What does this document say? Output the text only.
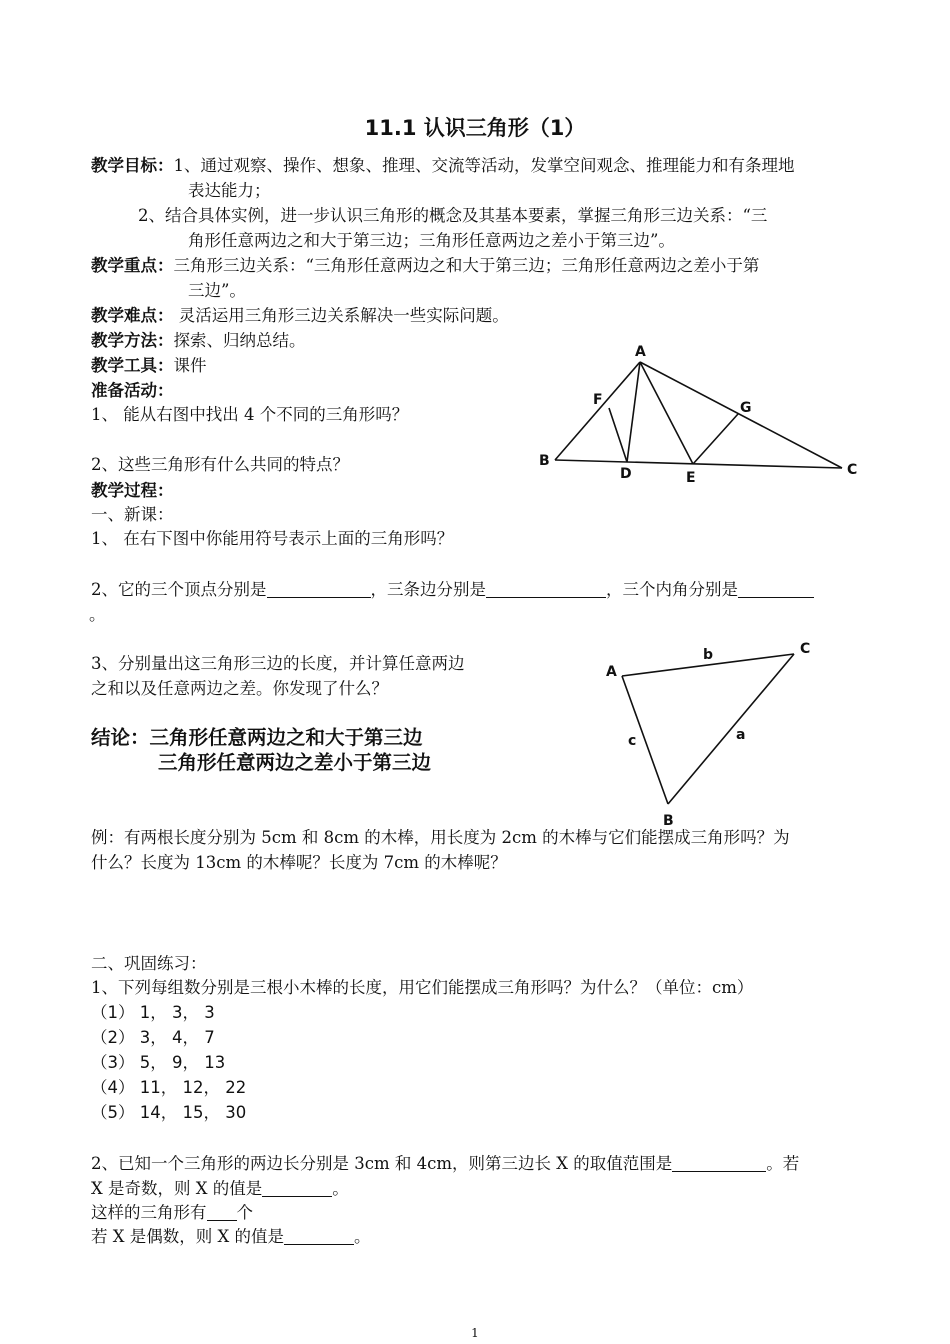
11.1 认识三角形（1）
教学目标：1、通过观察、操作、想象、推理、交流等活动，发掌空间观念、推理能力和有条理地
表达能力；
2、结合具体实例，进一步认识三角形的概念及其基本要素，掌握三角形三边关系：“三
角形任意两边之和大于第三边；三角形任意两边之差小于第三边”。
教学重点：三角形三边关系：“三角形任意两边之和大于第三边；三角形任意两边之差小于第
三边”。
教学难点： 灵活运用三角形三边关系解决一些实际问题。
教学方法：探索、归纳总结。
教学工具：课件
准备活动：
1、 能从右图中找出 4 个不同的三角形吗？
2、这些三角形有什么共同的特点？
教学过程：
一、新课：
1、 在右下图中你能用符号表示上面的三角形吗？
2、它的三个顶点分别是	，三条边分别是	，三个内角分别是
。
3、分别量出这三角形三边的长度，并计算任意两边
之和以及任意两边之差。你发现了什么？
结论：三角形任意两边之和大于第三边
三角形任意两边之差小于第三边
例：有两根长度分别为 5cm 和 8cm 的木棒，用长度为 2cm 的木棒与它们能摆成三角形吗？为
什么？长度为 13cm 的木棒呢？长度为 7cm 的木棒呢？
二、巩固练习：
1、下列每组数分别是三根小木棒的长度，用它们能摆成三角形吗？为什么？（单位：cm）
（1） 1， 3， 3
（2） 3， 4， 7
（3） 5， 9， 13
（4） 11， 12， 22
（5） 14， 15， 30
2、已知一个三角形的两边长分别是 3cm 和 4cm，则第三边长 X 的取值范围是	。若
X 是奇数，则 X 的值是	。
这样的三角形有 个
若 X 是偶数，则 X 的值是	。
A
B
C
D	E
F	G
A
C
B
b
c	a
1
